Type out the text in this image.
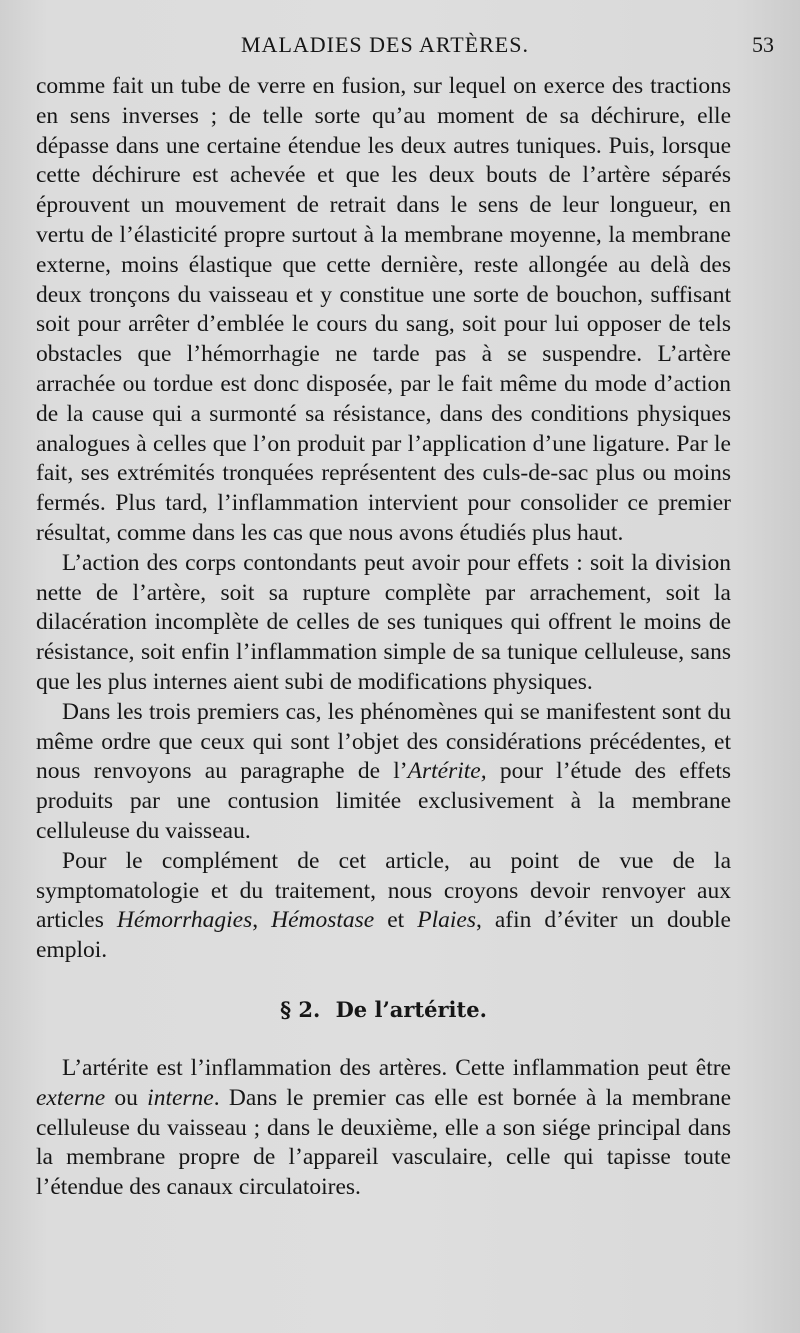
MALADIES DES ARTÈRES.	53

comme fait un tube de verre en fusion, sur lequel on exerce des tractions en sens inverses ; de telle sorte qu’au moment de sa déchirure, elle dépasse dans une certaine étendue les deux autres tuniques. Puis, lorsque cette déchirure est achevée et que les deux bouts de l’artère séparés éprouvent un mouvement de retrait dans le sens de leur longueur, en vertu de l’élasticité propre surtout à la membrane moyenne, la membrane externe, moins élastique que cette dernière, reste allongée au delà des deux tronçons du vaisseau et y constitue une sorte de bouchon, suffisant soit pour arrêter d’emblée le cours du sang, soit pour lui opposer de tels obstacles que l’hémorrhagie ne tarde pas à se suspendre. L’artère arrachée ou tordue est donc disposée, par le fait même du mode d’action de la cause qui a surmonté sa résistance, dans des conditions physiques analogues à celles que l’on produit par l’application d’une ligature. Par le fait, ses extrémités tronquées représentent des culs-de-sac plus ou moins fermés. Plus tard, l’inflammation intervient pour consolider ce premier résultat, comme dans les cas que nous avons étudiés plus haut.

L’action des corps contondants peut avoir pour effets : soit la division nette de l’artère, soit sa rupture complète par arrachement, soit la dilacération incomplète de celles de ses tuniques qui offrent le moins de résistance, soit enfin l’inflammation simple de sa tunique celluleuse, sans que les plus internes aient subi de modifications physiques.

Dans les trois premiers cas, les phénomènes qui se manifestent sont du même ordre que ceux qui sont l’objet des considérations précédentes, et nous renvoyons au paragraphe de l’Artérite, pour l’étude des effets produits par une contusion limitée exclusivement à la membrane celluleuse du vaisseau.

Pour le complément de cet article, au point de vue de la symptomatologie et du traitement, nous croyons devoir renvoyer aux articles Hémorrhagies, Hémostase et Plaies, afin d’éviter un double emploi.

§ 2. De l’artérite.

L’artérite est l’inflammation des artères. Cette inflammation peut être externe ou interne. Dans le premier cas elle est bornée à la membrane celluleuse du vaisseau ; dans le deuxième, elle a son siége principal dans la membrane propre de l’appareil vasculaire, celle qui tapisse toute l’étendue des canaux circulatoires.
